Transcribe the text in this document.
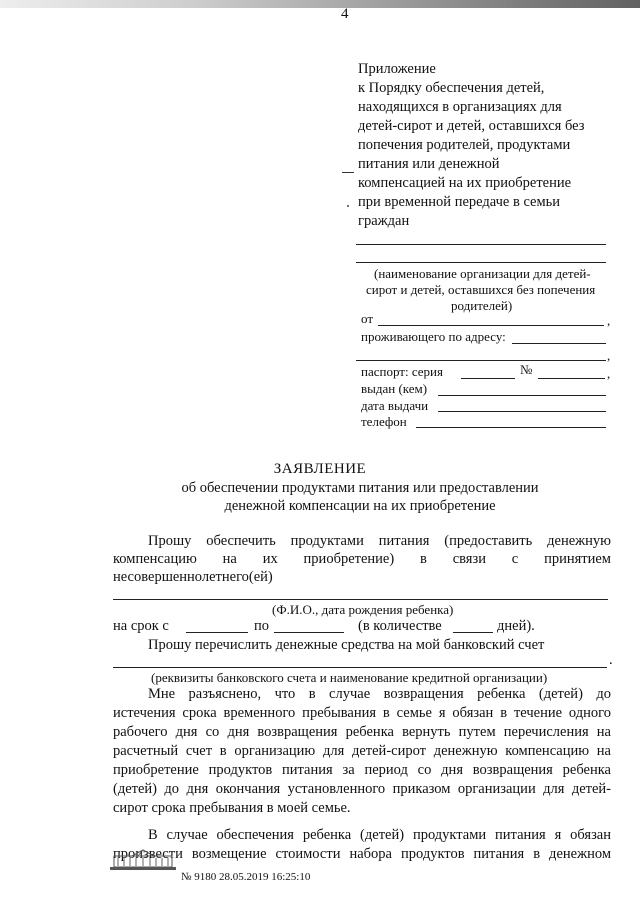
4
Приложение
к Порядку обеспечения детей,
находящихся в организациях для
детей-сирот и детей, оставшихся без
попечения родителей, продуктами
питания или денежной
компенсацией на их приобретение
при временной передаче в семьи
граждан
(наименование организации для детей-
сирот и детей, оставшихся без попечения
родителей)
от	,
проживающего по адресу:
,
паспорт: серия	№	,
выдан (кем)
дата выдачи
телефон
ЗАЯВЛЕНИЕ
об обеспечении продуктами питания или предоставлении
денежной компенсации на их приобретение
Прошу обеспечить продуктами питания (предоставить денежную
компенсацию на их приобретение) в связи с принятием
несовершеннолетнего(ей)
(Ф.И.О., дата рождения ребенка)
на срок с	по	(в количестве	дней).
Прошу перечислить денежные средства на мой банковский счет
.
(реквизиты банковского счета и наименование кредитной организации)
Мне разъяснено, что в случае возвращения ребенка (детей) до
истечения срока временного пребывания в семье я обязан в течение одного
рабочего дня со дня возвращения ребенка вернуть путем перечисления на
расчетный счет в организацию для детей-сирот денежную компенсацию на
приобретение продуктов питания за период со дня возвращения ребенка
(детей) до дня окончания установленного приказом организации для детей-
сирот срока пребывания в моей семье.
В случае обеспечения ребенка (детей) продуктами питания я обязан
произвести возмещение стоимости набора продуктов питания в денежном
№ 9180 28.05.2019 16:25:10
